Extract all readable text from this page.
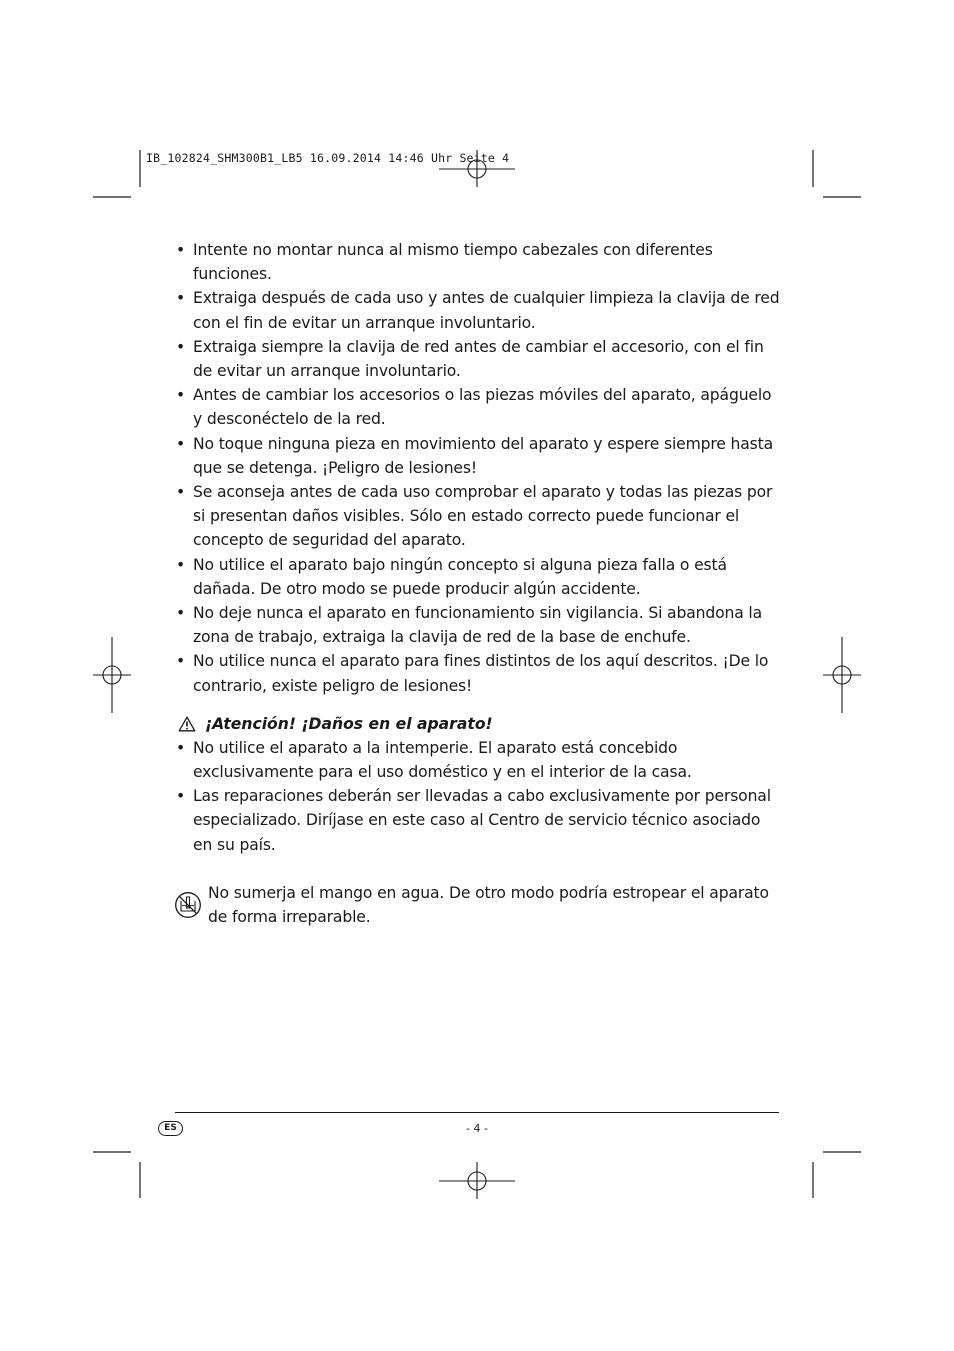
IB_102824_SHM300B1_LB5 16.09.2014 14:46 Uhr Seite 4
• Intente no montar nunca al mismo tiempo cabezales con diferentes funciones.
• Extraiga después de cada uso y antes de cualquier limpieza la clavija de red con el fin de evitar un arranque involuntario.
• Extraiga siempre la clavija de red antes de cambiar el accesorio, con el fin de evitar un arranque involuntario.
• Antes de cambiar los accesorios o las piezas móviles del aparato, apáguelo y desconéctelo de la red.
• No toque ninguna pieza en movimiento del aparato y espere siempre hasta que se detenga. ¡Peligro de lesiones!
• Se aconseja antes de cada uso comprobar el aparato y todas las piezas por si presentan daños visibles. Sólo en estado correcto puede funcionar el concepto de seguridad del aparato.
• No utilice el aparato bajo ningún concepto si alguna pieza falla o está dañada. De otro modo se puede producir algún accidente.
• No deje nunca el aparato en funcionamiento sin vigilancia. Si abandona la zona de trabajo, extraiga la clavija de red de la base de enchufe.
• No utilice nunca el aparato para fines distintos de los aquí descritos. ¡De lo contrario, existe peligro de lesiones!
¡Atención! ¡Daños en el aparato!
• No utilice el aparato a la intemperie. El aparato está concebido exclusivamente para el uso doméstico y en el interior de la casa.
• Las reparaciones deberán ser llevadas a cabo exclusivamente por personal especializado. Diríjase en este caso al Centro de servicio técnico asociado en su país.
No sumerja el mango en agua. De otro modo podría estropear el aparato de forma irreparable.
ES	- 4 -
